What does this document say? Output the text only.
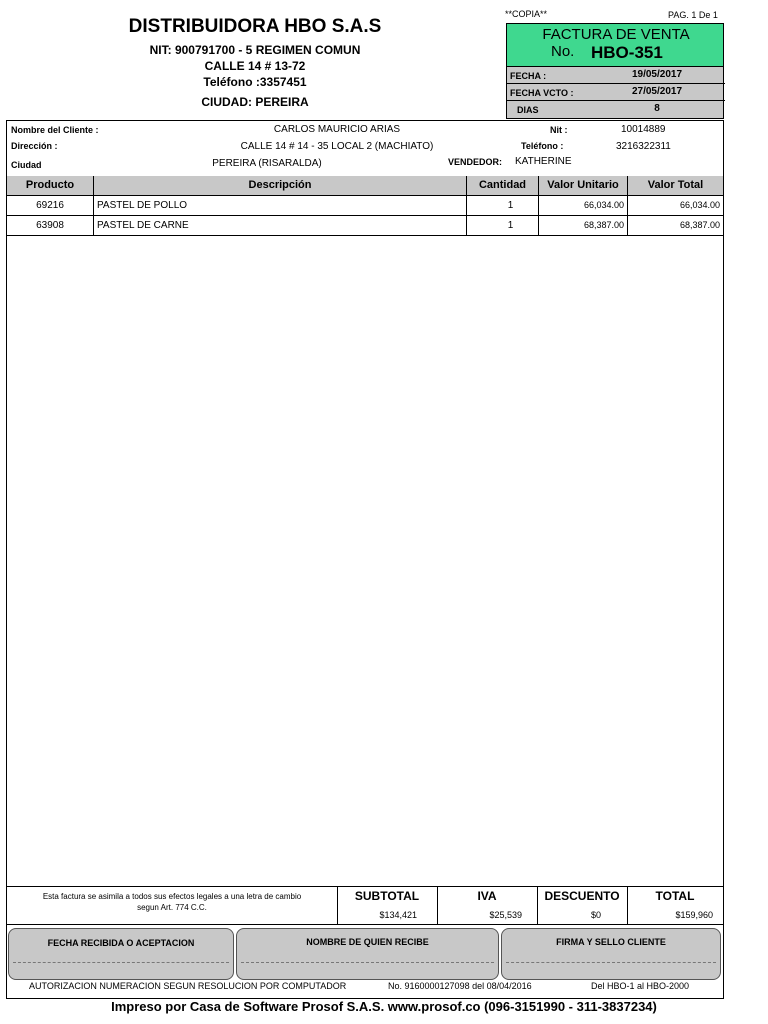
DISTRIBUIDORA HBO S.A.S
NIT: 900791700 - 5 REGIMEN COMUN
CALLE 14 # 13-72
Teléfono :3357451
CIUDAD: PEREIRA
**COPIA**	PAG. 1 De 1
FACTURA DE VENTA
No. HBO-351
FECHA :	19/05/2017
FECHA VCTO :	27/05/2017
DIAS	8
Nombre del Cliente :	CARLOS MAURICIO ARIAS
Dirección :	CALLE 14 # 14 - 35 LOCAL 2 (MACHIATO)
Ciudad	PEREIRA (RISARALDA)
Nit :	10014889
Teléfono :	3216322311
VENDEDOR: KATHERINE
Producto	Descripción	Cantidad	Valor Unitario	Valor Total
69216	PASTEL DE POLLO	1	66,034.00	66,034.00
63908	PASTEL DE CARNE	1	68,387.00	68,387.00
Esta factura se asimila a todos sus efectos legales a una letra de cambio segun Art. 774 C.C.
SUBTOTAL
$134,421
IVA
$25,539
DESCUENTO
$0
TOTAL
$159,960
FECHA RECIBIDA O ACEPTACION	NOMBRE DE QUIEN RECIBE	FIRMA Y SELLO CLIENTE
AUTORIZACION NUMERACION SEGUN RESOLUCION POR COMPUTADOR	No. 9160000127098 del 08/04/2016	Del HBO-1 al HBO-2000
Impreso por Casa de Software Prosof S.A.S. www.prosof.co (096-3151990 - 311-3837234)
